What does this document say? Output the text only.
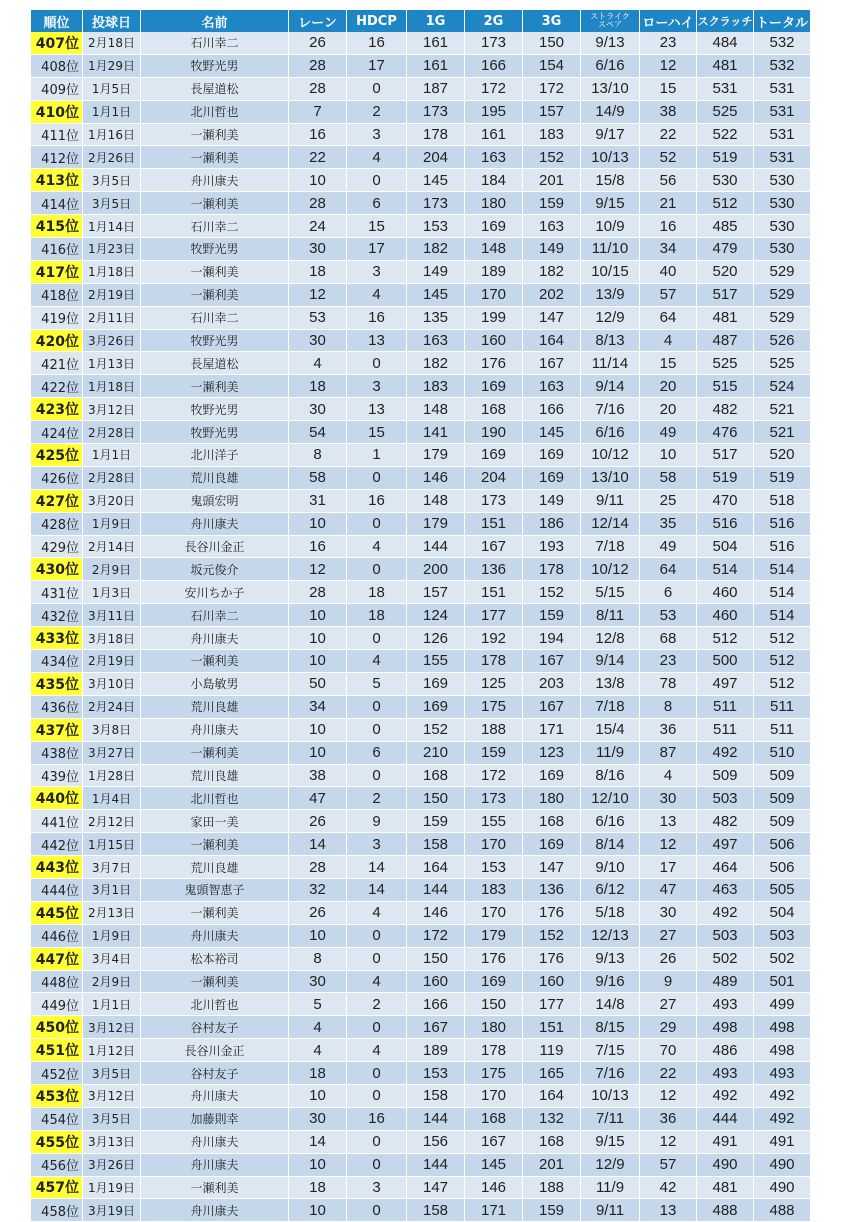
順位	投球日	名前	レーン	HDCP	1G	2G	3G	ストライク
スペア	ローハイ	スクラッチ	トータル
407位	2月18日	石川幸二	26	16	161	173	150	9/13	23	484	532
408位	1月29日	牧野光男	28	17	161	166	154	6/16	12	481	532
409位	1月5日	長屋道松	28	0	187	172	172	13/10	15	531	531
410位	1月1日	北川哲也	7	2	173	195	157	14/9	38	525	531
411位	1月16日	一瀬利美	16	3	178	161	183	9/17	22	522	531
412位	2月26日	一瀬利美	22	4	204	163	152	10/13	52	519	531
413位	3月5日	舟川康夫	10	0	145	184	201	15/8	56	530	530
414位	3月5日	一瀬利美	28	6	173	180	159	9/15	21	512	530
415位	1月14日	石川幸二	24	15	153	169	163	10/9	16	485	530
416位	1月23日	牧野光男	30	17	182	148	149	11/10	34	479	530
417位	1月18日	一瀬利美	18	3	149	189	182	10/15	40	520	529
418位	2月19日	一瀬利美	12	4	145	170	202	13/9	57	517	529
419位	2月11日	石川幸二	53	16	135	199	147	12/9	64	481	529
420位	3月26日	牧野光男	30	13	163	160	164	8/13	4	487	526
421位	1月13日	長屋道松	4	0	182	176	167	11/14	15	525	525
422位	1月18日	一瀬利美	18	3	183	169	163	9/14	20	515	524
423位	3月12日	牧野光男	30	13	148	168	166	7/16	20	482	521
424位	2月28日	牧野光男	54	15	141	190	145	6/16	49	476	521
425位	1月1日	北川洋子	8	1	179	169	169	10/12	10	517	520
426位	2月28日	荒川良雄	58	0	146	204	169	13/10	58	519	519
427位	3月20日	鬼頭宏明	31	16	148	173	149	9/11	25	470	518
428位	1月9日	舟川康夫	10	0	179	151	186	12/14	35	516	516
429位	2月14日	長谷川金正	16	4	144	167	193	7/18	49	504	516
430位	2月9日	坂元俊介	12	0	200	136	178	10/12	64	514	514
431位	1月3日	安川ちか子	28	18	157	151	152	5/15	6	460	514
432位	3月11日	石川幸二	10	18	124	177	159	8/11	53	460	514
433位	3月18日	舟川康夫	10	0	126	192	194	12/8	68	512	512
434位	2月19日	一瀬利美	10	4	155	178	167	9/14	23	500	512
435位	3月10日	小島敏男	50	5	169	125	203	13/8	78	497	512
436位	2月24日	荒川良雄	34	0	169	175	167	7/18	8	511	511
437位	3月8日	舟川康夫	10	0	152	188	171	15/4	36	511	511
438位	3月27日	一瀬利美	10	6	210	159	123	11/9	87	492	510
439位	1月28日	荒川良雄	38	0	168	172	169	8/16	4	509	509
440位	1月4日	北川哲也	47	2	150	173	180	12/10	30	503	509
441位	2月12日	家田一美	26	9	159	155	168	6/16	13	482	509
442位	1月15日	一瀬利美	14	3	158	170	169	8/14	12	497	506
443位	3月7日	荒川良雄	28	14	164	153	147	9/10	17	464	506
444位	3月1日	鬼頭智恵子	32	14	144	183	136	6/12	47	463	505
445位	2月13日	一瀬利美	26	4	146	170	176	5/18	30	492	504
446位	1月9日	舟川康夫	10	0	172	179	152	12/13	27	503	503
447位	3月4日	松本裕司	8	0	150	176	176	9/13	26	502	502
448位	2月9日	一瀬利美	30	4	160	169	160	9/16	9	489	501
449位	1月1日	北川哲也	5	2	166	150	177	14/8	27	493	499
450位	3月12日	谷村友子	4	0	167	180	151	8/15	29	498	498
451位	1月12日	長谷川金正	4	4	189	178	119	7/15	70	486	498
452位	3月5日	谷村友子	18	0	153	175	165	7/16	22	493	493
453位	3月12日	舟川康夫	10	0	158	170	164	10/13	12	492	492
454位	3月5日	加藤則幸	30	16	144	168	132	7/11	36	444	492
455位	3月13日	舟川康夫	14	0	156	167	168	9/15	12	491	491
456位	3月26日	舟川康夫	10	0	144	145	201	12/9	57	490	490
457位	1月19日	一瀬利美	18	3	147	146	188	11/9	42	481	490
458位	3月19日	舟川康夫	10	0	158	171	159	9/11	13	488	488
